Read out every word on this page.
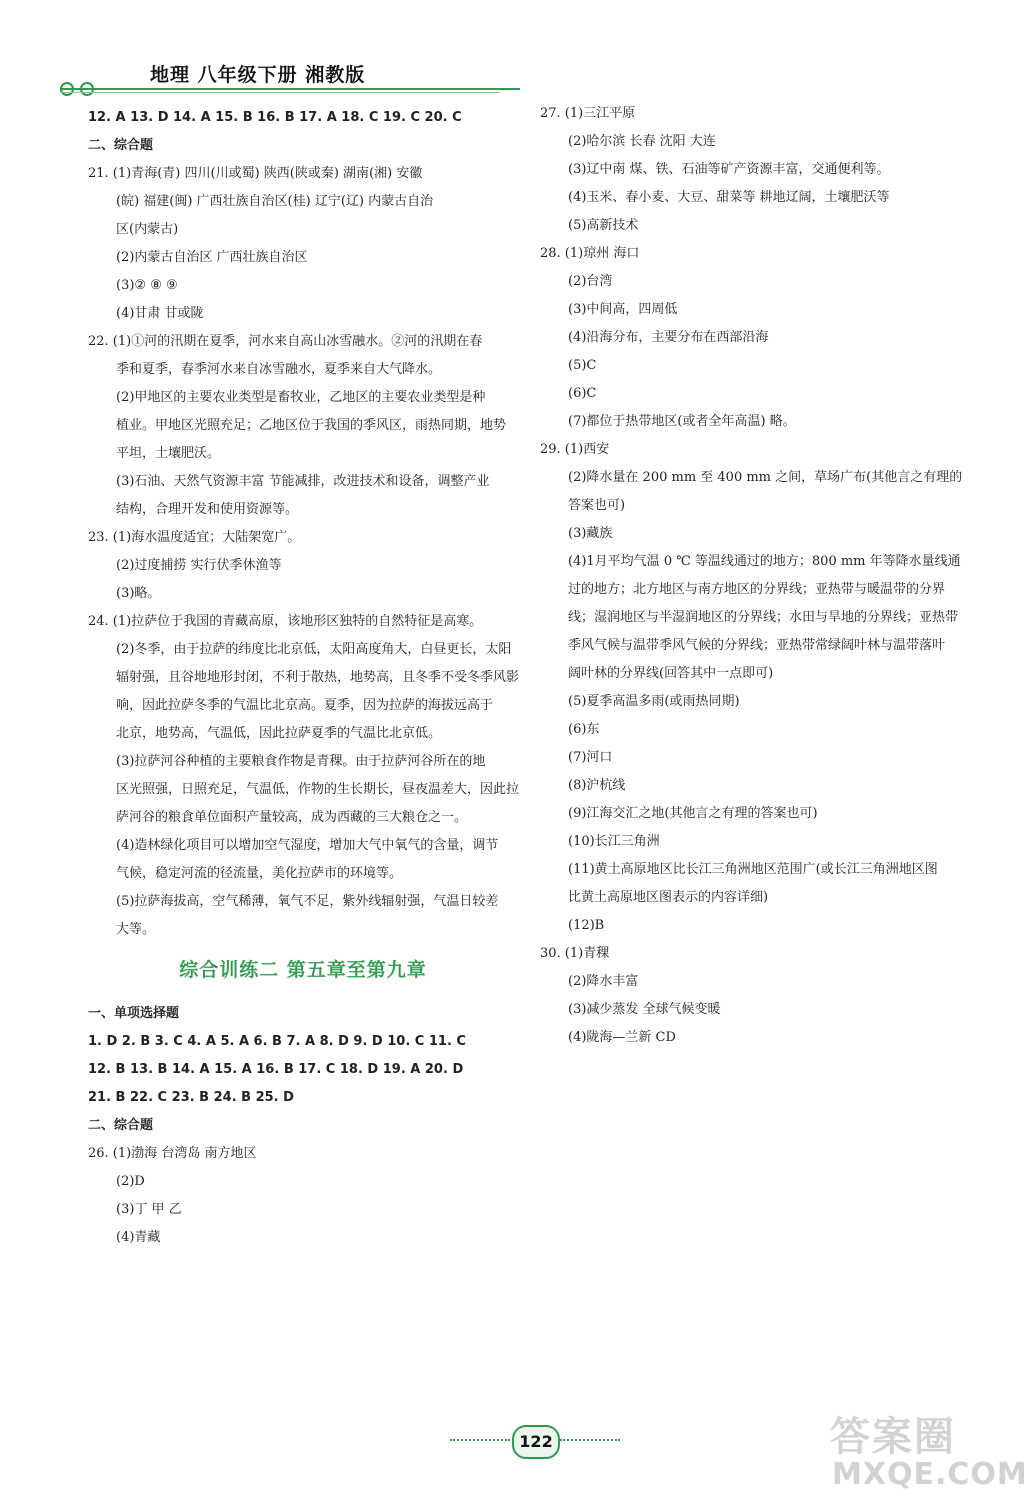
地理 八年级下册 湘教版
12. A 13. D 14. A 15. B 16. B 17. A 18. C 19. C 20. C
二、综合题
21. (1)青海(青) 四川(川或蜀) 陕西(陕或秦) 湖南(湘) 安徽
(皖) 福建(闽) 广西壮族自治区(桂) 辽宁(辽) 内蒙古自治
区(内蒙古)
(2)内蒙古自治区 广西壮族自治区
(3)② ⑧ ⑨
(4)甘肃 甘或陇
22. (1)①河的汛期在夏季，河水来自高山冰雪融水。②河的汛期在春
季和夏季，春季河水来自冰雪融水，夏季来自大气降水。
(2)甲地区的主要农业类型是畜牧业，乙地区的主要农业类型是种
植业。甲地区光照充足；乙地区位于我国的季风区，雨热同期，地势
平坦，土壤肥沃。
(3)石油、天然气资源丰富 节能减排，改进技术和设备，调整产业
结构，合理开发和使用资源等。
23. (1)海水温度适宜；大陆架宽广。
(2)过度捕捞 实行伏季休渔等
(3)略。
24. (1)拉萨位于我国的青藏高原，该地形区独特的自然特征是高寒。
(2)冬季，由于拉萨的纬度比北京低，太阳高度角大，白昼更长，太阳
辐射强，且谷地地形封闭，不利于散热，地势高，且冬季不受冬季风影
响，因此拉萨冬季的气温比北京高。夏季，因为拉萨的海拔远高于
北京，地势高，气温低，因此拉萨夏季的气温比北京低。
(3)拉萨河谷种植的主要粮食作物是青稞。由于拉萨河谷所在的地
区光照强，日照充足，气温低，作物的生长期长，昼夜温差大，因此拉
萨河谷的粮食单位面积产量较高，成为西藏的三大粮仓之一。
(4)造林绿化项目可以增加空气湿度，增加大气中氧气的含量，调节
气候，稳定河流的径流量，美化拉萨市的环境等。
(5)拉萨海拔高，空气稀薄，氧气不足，紫外线辐射强，气温日较差
大等。
综合训练二 第五章至第九章
一、单项选择题
1. D 2. B 3. C 4. A 5. A 6. B 7. A 8. D 9. D 10. C 11. C
12. B 13. B 14. A 15. A 16. B 17. C 18. D 19. A 20. D
21. B 22. C 23. B 24. B 25. D
二、综合题
26. (1)渤海 台湾岛 南方地区
(2)D
(3)丁 甲 乙
(4)青藏
27. (1)三江平原
(2)哈尔滨 长春 沈阳 大连
(3)辽中南 煤、铁、石油等矿产资源丰富，交通便利等。
(4)玉米、春小麦、大豆、甜菜等 耕地辽阔，土壤肥沃等
(5)高新技术
28. (1)琼州 海口
(2)台湾
(3)中间高，四周低
(4)沿海分布，主要分布在西部沿海
(5)C
(6)C
(7)都位于热带地区(或者全年高温) 略。
29. (1)西安
(2)降水量在 200 mm 至 400 mm 之间，草场广布(其他言之有理的
答案也可)
(3)藏族
(4)1月平均气温 0 ℃ 等温线通过的地方；800 mm 年等降水量线通
过的地方；北方地区与南方地区的分界线；亚热带与暖温带的分界
线；湿润地区与半湿润地区的分界线；水田与旱地的分界线；亚热带
季风气候与温带季风气候的分界线；亚热带常绿阔叶林与温带落叶
阔叶林的分界线(回答其中一点即可)
(5)夏季高温多雨(或雨热同期)
(6)东
(7)河口
(8)沪杭线
(9)江海交汇之地(其他言之有理的答案也可)
(10)长江三角洲
(11)黄土高原地区比长江三角洲地区范围广(或长江三角洲地区图
比黄土高原地区图表示的内容详细)
(12)B
30. (1)青稞
(2)降水丰富
(3)减少蒸发 全球气候变暖
(4)陇海—兰新 CD
122	答案圈
MXQE.COM
